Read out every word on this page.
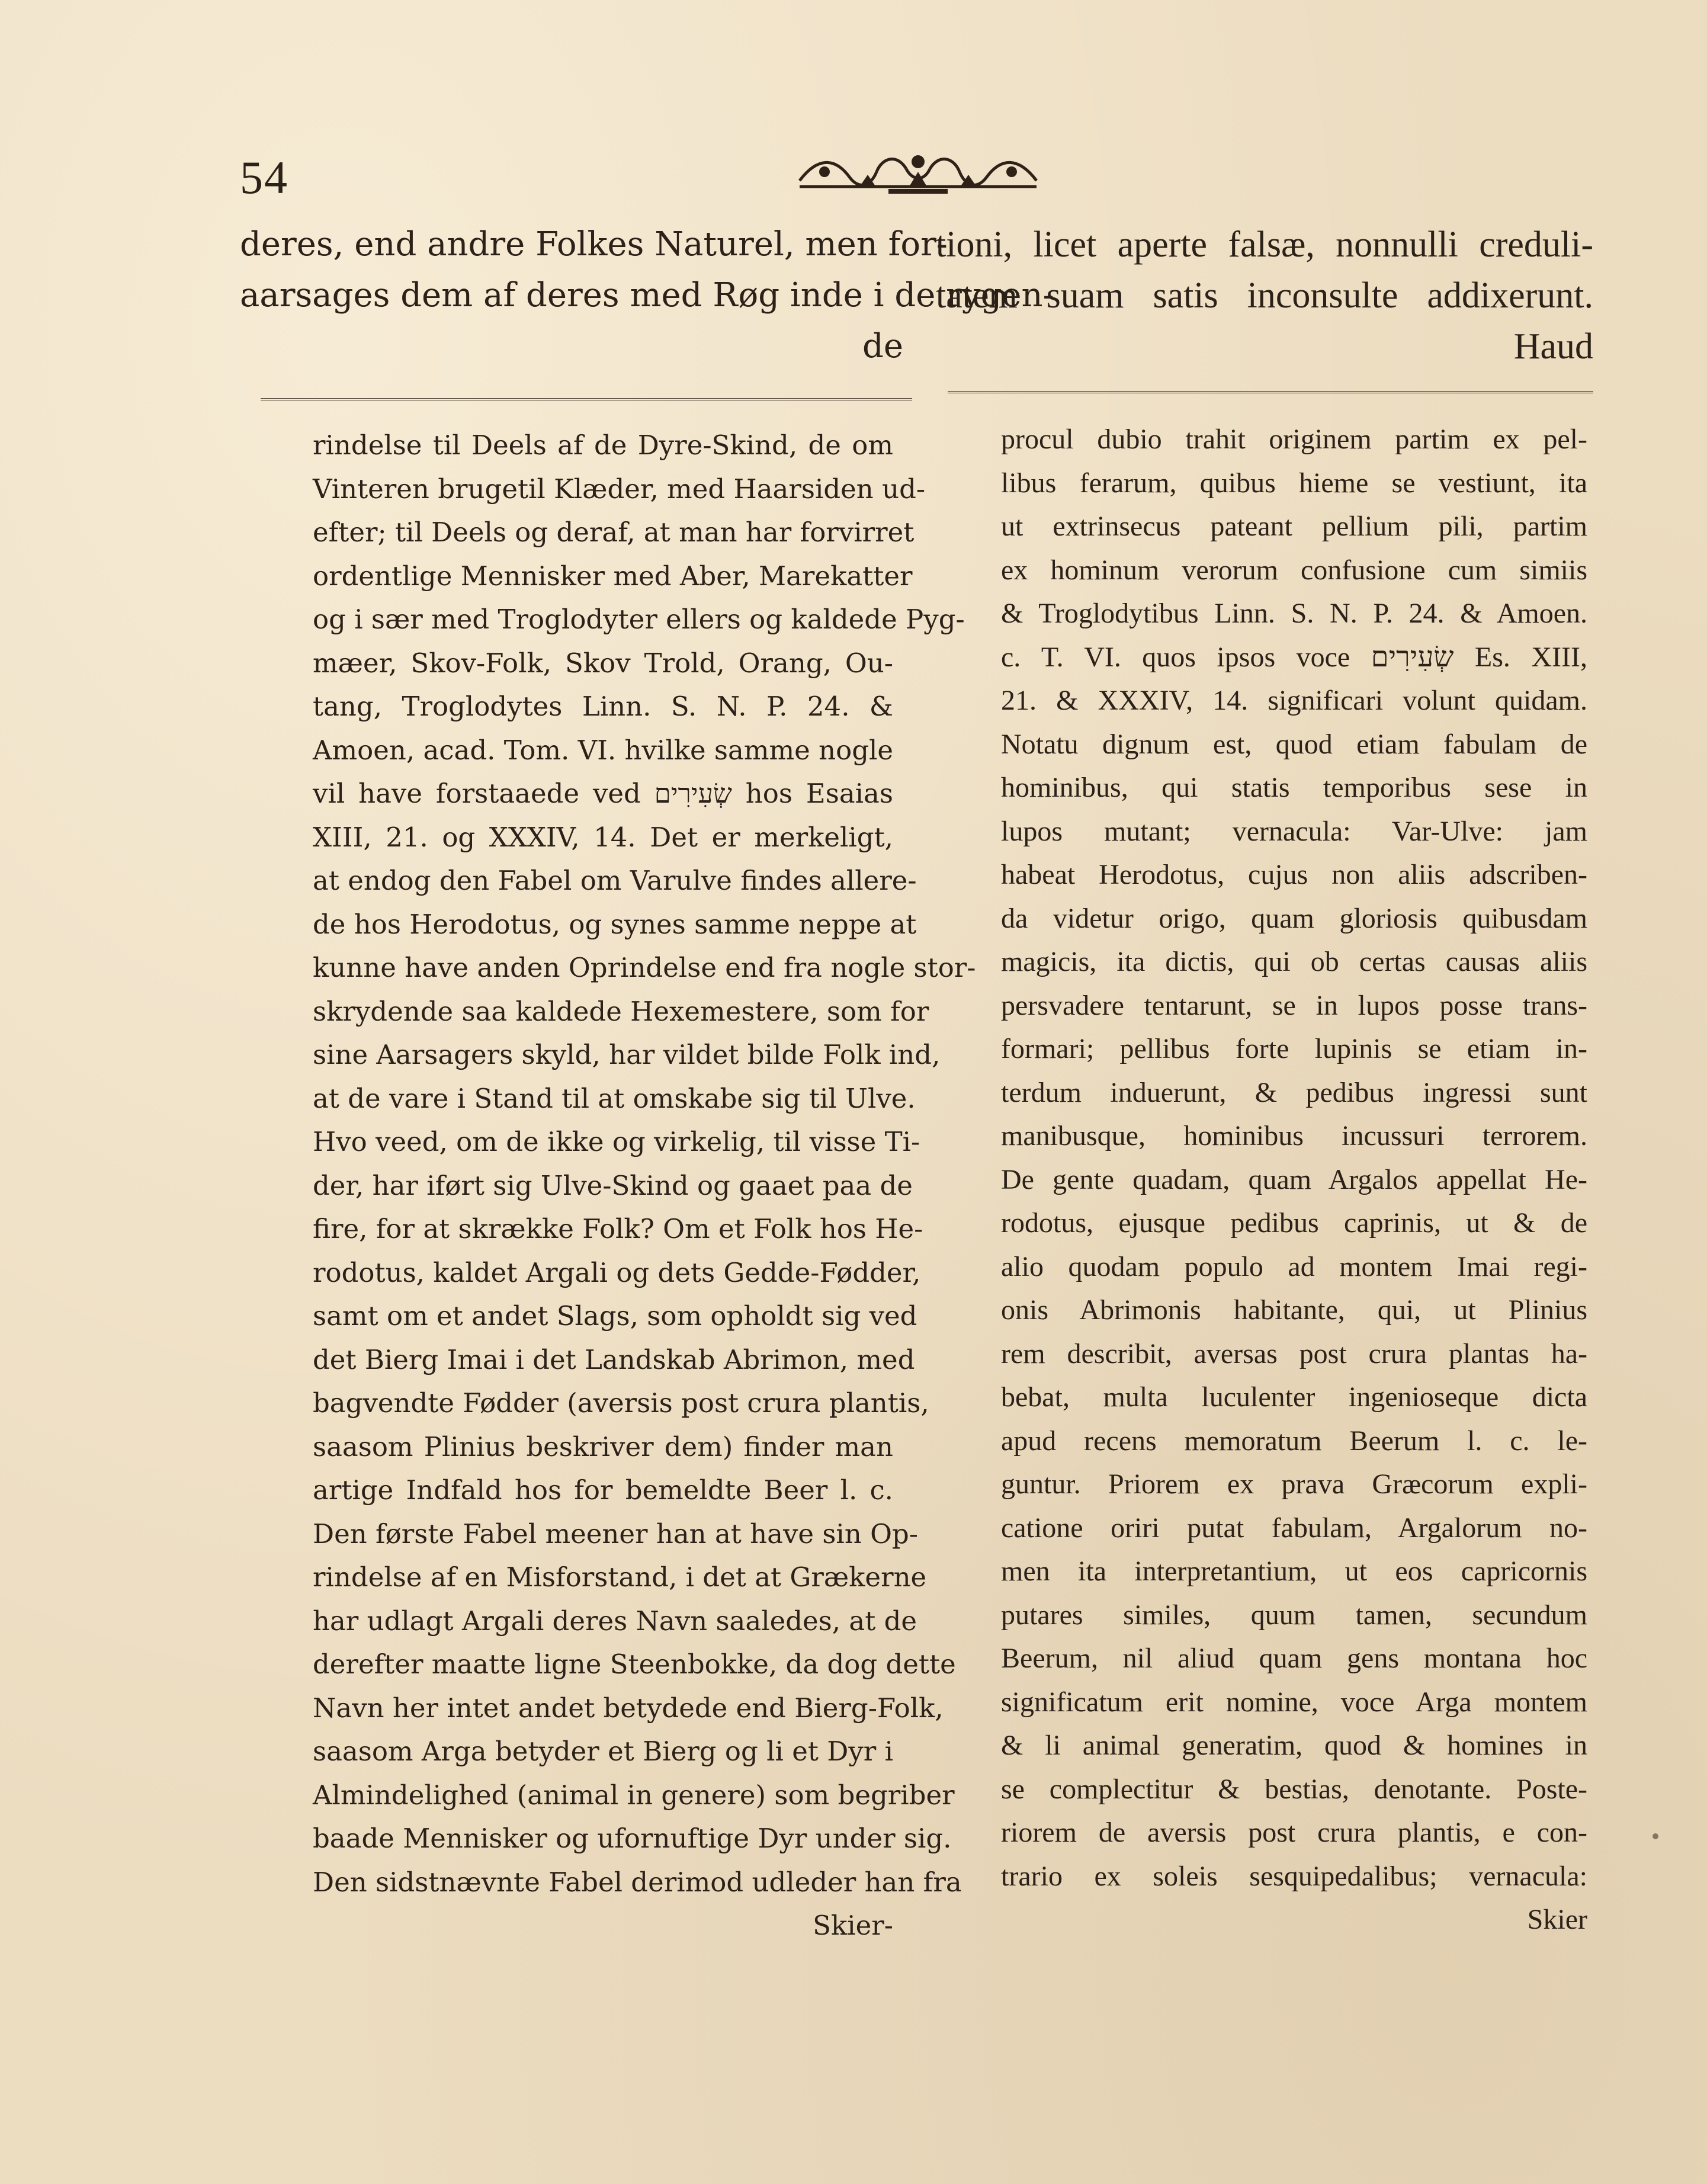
54
deres, end andre Folkes Naturel, men for-
aarsages dem af deres med Røg inde i de rygen-
de
tioni, licet aperte falsæ, nonnulli creduli-
tatem suam satis inconsulte addixerunt.
Haud
rindelse til Deels af de Dyre-Skind, de om
Vinteren brugetil Klæder, med Haarsiden ud-
efter; til Deels og deraf, at man har forvirret
ordentlige Mennisker med Aber, Marekatter
og i sær med Troglodyter ellers og kaldede Pyg-
mæer, Skov-Folk, Skov Trold, Orang, Ou-
tang, Troglodytes Linn. S. N. P. 24. &
Amoen, acad. Tom. VI. hvilke samme nogle
vil have forstaaede ved שְׂעִירִים hos Esaias
XIII, 21. og XXXIV, 14. Det er merkeligt,
at endog den Fabel om Varulve findes allere-
de hos Herodotus, og synes samme neppe at
kunne have anden Oprindelse end fra nogle stor-
skrydende saa kaldede Hexemestere, som for
sine Aarsagers skyld, har vildet bilde Folk ind,
at de vare i Stand til at omskabe sig til Ulve.
Hvo veed, om de ikke og virkelig, til visse Ti-
der, har iført sig Ulve-Skind og gaaet paa de
fire, for at skrække Folk? Om et Folk hos He-
rodotus, kaldet Argali og dets Gedde-Fødder,
samt om et andet Slags, som opholdt sig ved
det Bierg Imai i det Landskab Abrimon, med
bagvendte Fødder (aversis post crura plantis,
saasom Plinius beskriver dem) finder man
artige Indfald hos for bemeldte Beer l. c.
Den første Fabel meener han at have sin Op-
rindelse af en Misforstand, i det at Grækerne
har udlagt Argali deres Navn saaledes, at de
derefter maatte ligne Steenbokke, da dog dette
Navn her intet andet betydede end Bierg-Folk,
saasom Arga betyder et Bierg og li et Dyr i
Almindelighed (animal in genere) som begriber
baade Mennisker og ufornuftige Dyr under sig.
Den sidstnævnte Fabel derimod udleder han fra
Skier-
procul dubio trahit originem partim ex pel-
libus ferarum, quibus hieme se vestiunt, ita
ut extrinsecus pateant pellium pili, partim
ex hominum verorum confusione cum simiis
& Troglodytibus Linn. S. N. P. 24. & Amoen.
c. T. VI. quos ipsos voce שְׂעִירִים Es. XIII,
21. & XXXIV, 14. significari volunt quidam.
Notatu dignum est, quod etiam fabulam de
hominibus, qui statis temporibus sese in
lupos mutant; vernacula: Var-Ulve: jam
habeat Herodotus, cujus non aliis adscriben-
da videtur origo, quam gloriosis quibusdam
magicis, ita dictis, qui ob certas causas aliis
persvadere tentarunt, se in lupos posse trans-
formari; pellibus forte lupinis se etiam in-
terdum induerunt, & pedibus ingressi sunt
manibusque, hominibus incussuri terrorem.
De gente quadam, quam Argalos appellat He-
rodotus, ejusque pedibus caprinis, ut & de
alio quodam populo ad montem Imai regi-
onis Abrimonis habitante, qui, ut Plinius
rem describit, aversas post crura plantas ha-
bebat, multa luculenter ingenioseque dicta
apud recens memoratum Beerum l. c. le-
guntur. Priorem ex prava Græcorum expli-
catione oriri putat fabulam, Argalorum no-
men ita interpretantium, ut eos capricornis
putares similes, quum tamen, secundum
Beerum, nil aliud quam gens montana hoc
significatum erit nomine, voce Arga montem
& li animal generatim, quod & homines in
se complectitur & bestias, denotante. Poste-
riorem de aversis post crura plantis, e con-
trario ex soleis sesquipedalibus; vernacula:
Skier
